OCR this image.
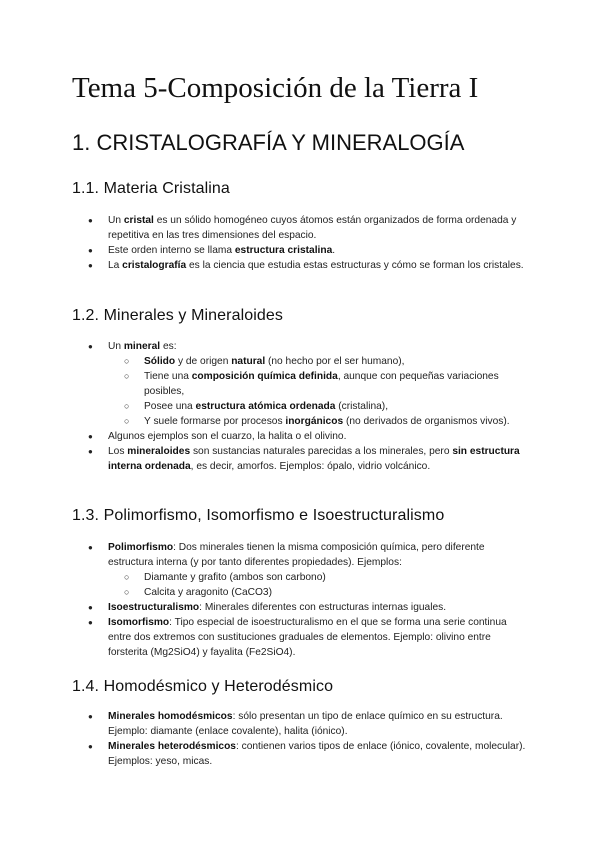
Tema 5-Composición de la Tierra I
1. CRISTALOGRAFÍA Y MINERALOGÍA
1.1. Materia Cristalina
● Un cristal es un sólido homogéneo cuyos átomos están organizados de forma ordenada y repetitiva en las tres dimensiones del espacio.
● Este orden interno se llama estructura cristalina.
● La cristalografía es la ciencia que estudia estas estructuras y cómo se forman los cristales.
1.2. Minerales y Mineraloides
● Un mineral es:
○ Sólido y de origen natural (no hecho por el ser humano),
○ Tiene una composición química definida, aunque con pequeñas variaciones posibles,
○ Posee una estructura atómica ordenada (cristalina),
○ Y suele formarse por procesos inorgánicos (no derivados de organismos vivos).
● Algunos ejemplos son el cuarzo, la halita o el olivino.
● Los mineraloides son sustancias naturales parecidas a los minerales, pero sin estructura interna ordenada, es decir, amorfos. Ejemplos: ópalo, vidrio volcánico.
1.3. Polimorfismo, Isomorfismo e Isoestructuralismo
● Polimorfismo: Dos minerales tienen la misma composición química, pero diferente estructura interna (y por tanto diferentes propiedades). Ejemplos:
○ Diamante y grafito (ambos son carbono)
○ Calcita y aragonito (CaCO3)
● Isoestructuralismo: Minerales diferentes con estructuras internas iguales.
● Isomorfismo: Tipo especial de isoestructuralismo en el que se forma una serie continua entre dos extremos con sustituciones graduales de elementos. Ejemplo: olivino entre forsterita (Mg2SiO4) y fayalita (Fe2SiO4).
1.4. Homodésmico y Heterodésmico
● Minerales homodésmicos: sólo presentan un tipo de enlace químico en su estructura. Ejemplo: diamante (enlace covalente), halita (iónico).
● Minerales heterodésmicos: contienen varios tipos de enlace (iónico, covalente, molecular). Ejemplos: yeso, micas.
